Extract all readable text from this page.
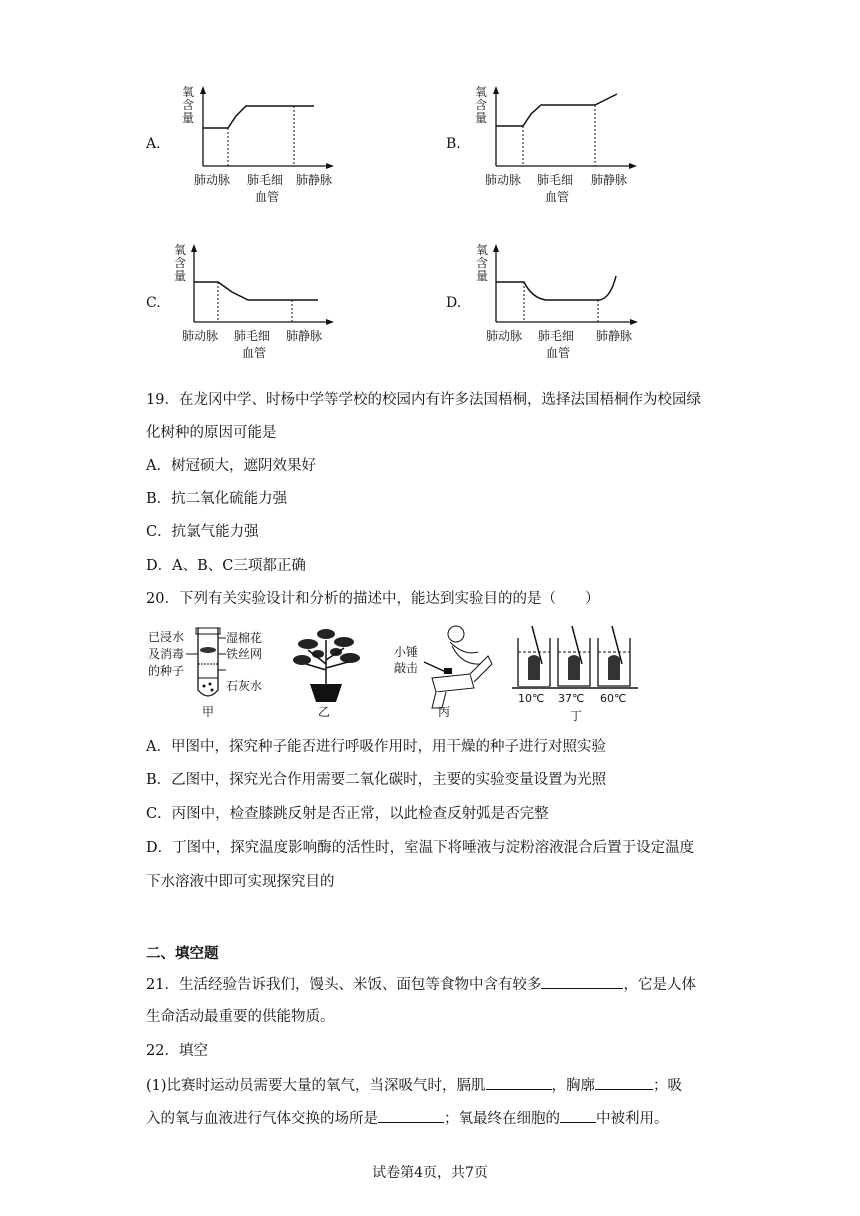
A.
氧
含
量
肺动脉 肺毛细
血管
肺静脉
B.
氧
含
量
肺动脉 肺毛细
血管
肺静脉
C.
氧
含
量
肺动脉 肺毛细
血管
肺静脉
D.
氧
含
量
肺动脉 肺毛细
血管
肺静脉
19．在龙冈中学、时杨中学等学校的校园内有许多法国梧桐，选择法国梧桐作为校园绿
化树种的原因可能是
A．树冠硕大，遮阴效果好
B．抗二氧化硫能力强
C．抗氯气能力强
D．A、B、C三项都正确
20．下列有关实验设计和分析的描述中，能达到实验目的的是（　　）
已浸水
及消毒
的种子
湿棉花
铁丝网
石灰水
甲	乙
小锤
敲击
丙
10℃ 37℃ 60℃
丁
A．甲图中，探究种子能否进行呼吸作用时，用干燥的种子进行对照实验
B．乙图中，探究光合作用需要二氧化碳时，主要的实验变量设置为光照
C．丙图中，检查膝跳反射是否正常，以此检查反射弧是否完整
D．丁图中，探究温度影响酶的活性时，室温下将唾液与淀粉溶液混合后置于设定温度
下水溶液中即可实现探究目的
二、填空题
21．生活经验告诉我们，馒头、米饭、面包等食物中含有较多	，它是人体
生命活动最重要的供能物质。
22．填空
(1)比赛时运动员需要大量的氧气，当深吸气时，膈肌	，胸廓	；吸
入的氧与血液进行气体交换的场所是	；氧最终在细胞的 中被利用。
试卷第4页，共7页
